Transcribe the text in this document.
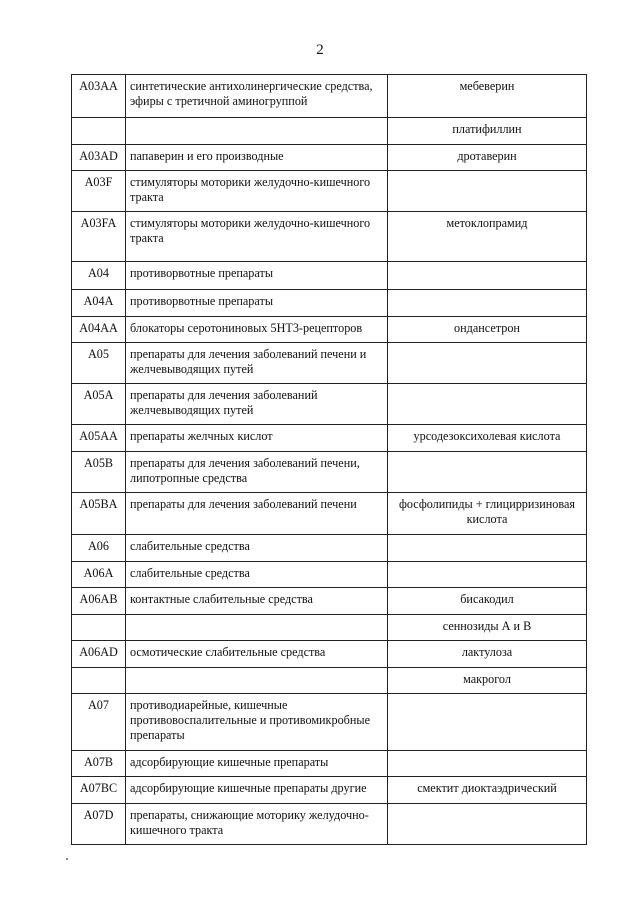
2
A03AA	синтетические антихолинергические средства, эфиры с третичной аминогруппой	мебеверин
		платифиллин
A03AD	папаверин и его производные	дротаверин
A03F	стимуляторы моторики желудочно-кишечного тракта	
A03FA	стимуляторы моторики желудочно-кишечного тракта	метоклопрамид
A04	противорвотные препараты	
A04A	противорвотные препараты	
A04AA	блокаторы серотониновых 5HT3-рецепторов	ондансетрон
A05	препараты для лечения заболеваний печени и желчевыводящих путей	
A05A	препараты для лечения заболеваний желчевыводящих путей	
A05AA	препараты желчных кислот	урсодезоксихолевая кислота
A05B	препараты для лечения заболеваний печени, липотропные средства	
A05BA	препараты для лечения заболеваний печени	фосфолипиды + глицирризиновая кислота
A06	слабительные средства	
A06A	слабительные средства	
A06AB	контактные слабительные средства	бисакодил
		сеннозиды А и В
A06AD	осмотические слабительные средства	лактулоза
		макрогол
A07	противодиарейные, кишечные противовоспалительные и противомикробные препараты	
A07B	адсорбирующие кишечные препараты	
A07BC	адсорбирующие кишечные препараты другие	смектит диоктаэдрический
A07D	препараты, снижающие моторику желудочно-кишечного тракта	
